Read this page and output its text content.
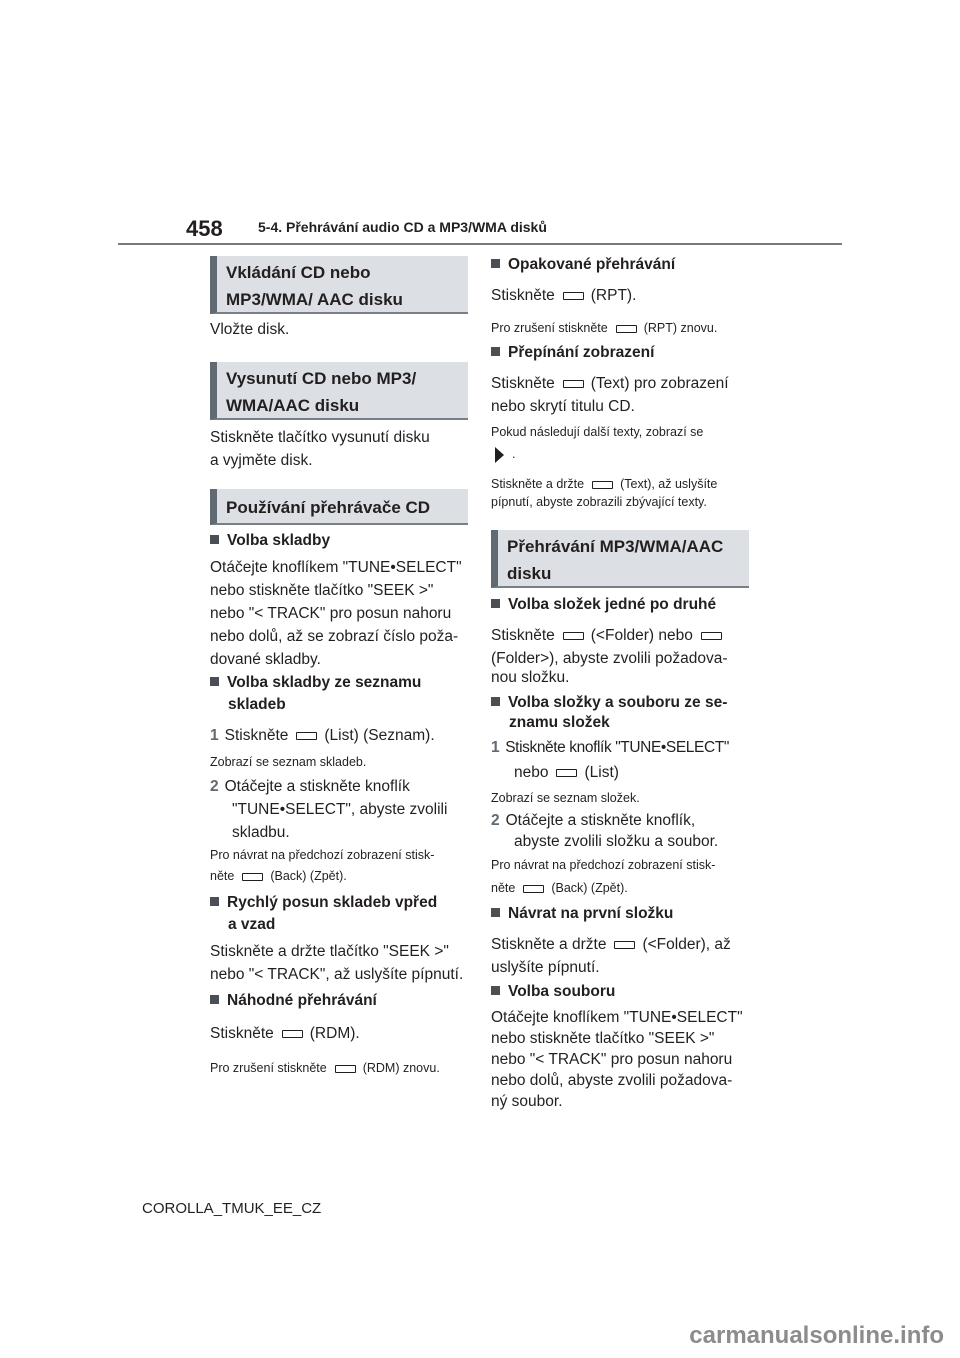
458	5-4. Přehrávání audio CD a MP3/WMA disků
Vkládání CD nebo MP3/WMA/ AAC disku
Vložte disk.
Vysunutí CD nebo MP3/ WMA/AAC disku
Stiskněte tlačítko vysunutí disku
a vyjměte disk.
Používání přehrávače CD
Volba skladby
Otáčejte knoflíkem "TUNE•SELECT"
nebo stiskněte tlačítko "SEEK >"
nebo "< TRACK" pro posun nahoru
nebo dolů, až se zobrazí číslo poža-
dované skladby.
Volba skladby ze seznamu
skladeb
1 Stiskněte (List) (Seznam).
Zobrazí se seznam skladeb.
2 Otáčejte a stiskněte knoflík
"TUNE•SELECT", abyste zvolili
skladbu.
Pro návrat na předchozí zobrazení stisk-
něte	(Back) (Zpět).
Rychlý posun skladeb vpřed
a vzad
Stiskněte a držte tlačítko "SEEK >"
nebo "< TRACK", až uslyšíte pípnutí.
Náhodné přehrávání
Stiskněte (RDM).
Pro zrušení stiskněte	(RDM) znovu.
Opakované přehrávání
Stiskněte (RPT).
Pro zrušení stiskněte	(RPT) znovu.
Přepínání zobrazení
Stiskněte (Text) pro zobrazení
nebo skrytí titulu CD.
Pokud následují další texty, zobrazí se
.
Stiskněte a držte	(Text), až uslyšíte
pípnutí, abyste zobrazili zbývající texty.
Přehrávání MP3/WMA/AAC disku
Volba složek jedné po druhé
Stiskněte (<Folder) nebo
(Folder>), abyste zvolili požadova-
nou složku.
Volba složky a souboru ze se-
znamu složek
1 Stiskněte knoflík "TUNE•SELECT"
nebo (List)
Zobrazí se seznam složek.
2 Otáčejte a stiskněte knoflík,
abyste zvolili složku a soubor.
Pro návrat na předchozí zobrazení stisk-
něte	(Back) (Zpět).
Návrat na první složku
Stiskněte a držte (<Folder), až
uslyšíte pípnutí.
Volba souboru
Otáčejte knoflíkem "TUNE•SELECT"
nebo stiskněte tlačítko "SEEK >"
nebo "< TRACK" pro posun nahoru
nebo dolů, abyste zvolili požadova-
ný soubor.
COROLLA_TMUK_EE_CZ
carmanualsonline.info
